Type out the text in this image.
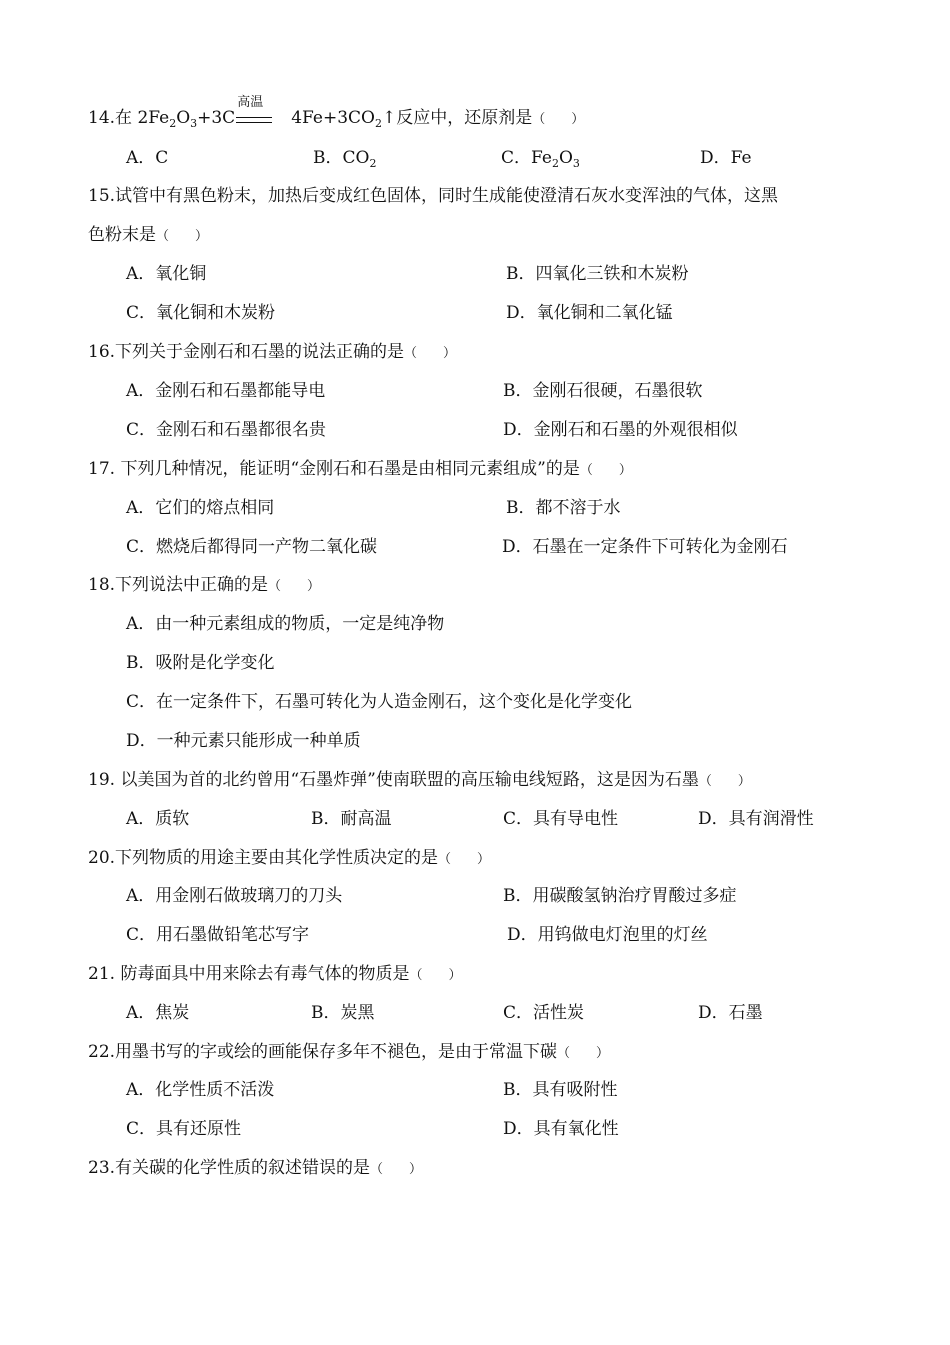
14.在 $2Fe_2O_3+3C$
高温
$4Fe+3CO_2↑$反应中，还原剂是（　　）
A．C	B．$CO_2$	C．$Fe_2O_3$	D．Fe
15.试管中有黑色粉末，加热后变成红色固体，同时生成能使澄清石灰水变浑浊的气体，这黑
色粉末是（　　）
A．氧化铜	B．四氧化三铁和木炭粉
C．氧化铜和木炭粉	D．氧化铜和二氧化锰
16.下列关于金刚石和石墨的说法正确的是（　　）
A．金刚石和石墨都能导电	B．金刚石很硬，石墨很软
C．金刚石和石墨都很名贵	D．金刚石和石墨的外观很相似
17. 下列几种情况，能证明“金刚石和石墨是由相同元素组成”的是（　　）
A．它们的熔点相同	B．都不溶于水
C．燃烧后都得同一产物二氧化碳	D．石墨在一定条件下可转化为金刚石
18.下列说法中正确的是（　　）
A．由一种元素组成的物质，一定是纯净物
B．吸附是化学变化
C．在一定条件下，石墨可转化为人造金刚石，这个变化是化学变化
D．一种元素只能形成一种单质
19. 以美国为首的北约曾用“石墨炸弹”使南联盟的高压输电线短路，这是因为石墨（　　）
A．质软	B．耐高温	C．具有导电性	D．具有润滑性
20.下列物质的用途主要由其化学性质决定的是（　　）
A．用金刚石做玻璃刀的刀头	B．用碳酸氢钠治疗胃酸过多症
C．用石墨做铅笔芯写字	D．用钨做电灯泡里的灯丝
21. 防毒面具中用来除去有毒气体的物质是（　　）
A．焦炭	B．炭黑	C．活性炭	D．石墨
22.用墨书写的字或绘的画能保存多年不褪色，是由于常温下碳（　　）
A．化学性质不活泼	B．具有吸附性
C．具有还原性	D．具有氧化性
23.有关碳的化学性质的叙述错误的是（　　）
